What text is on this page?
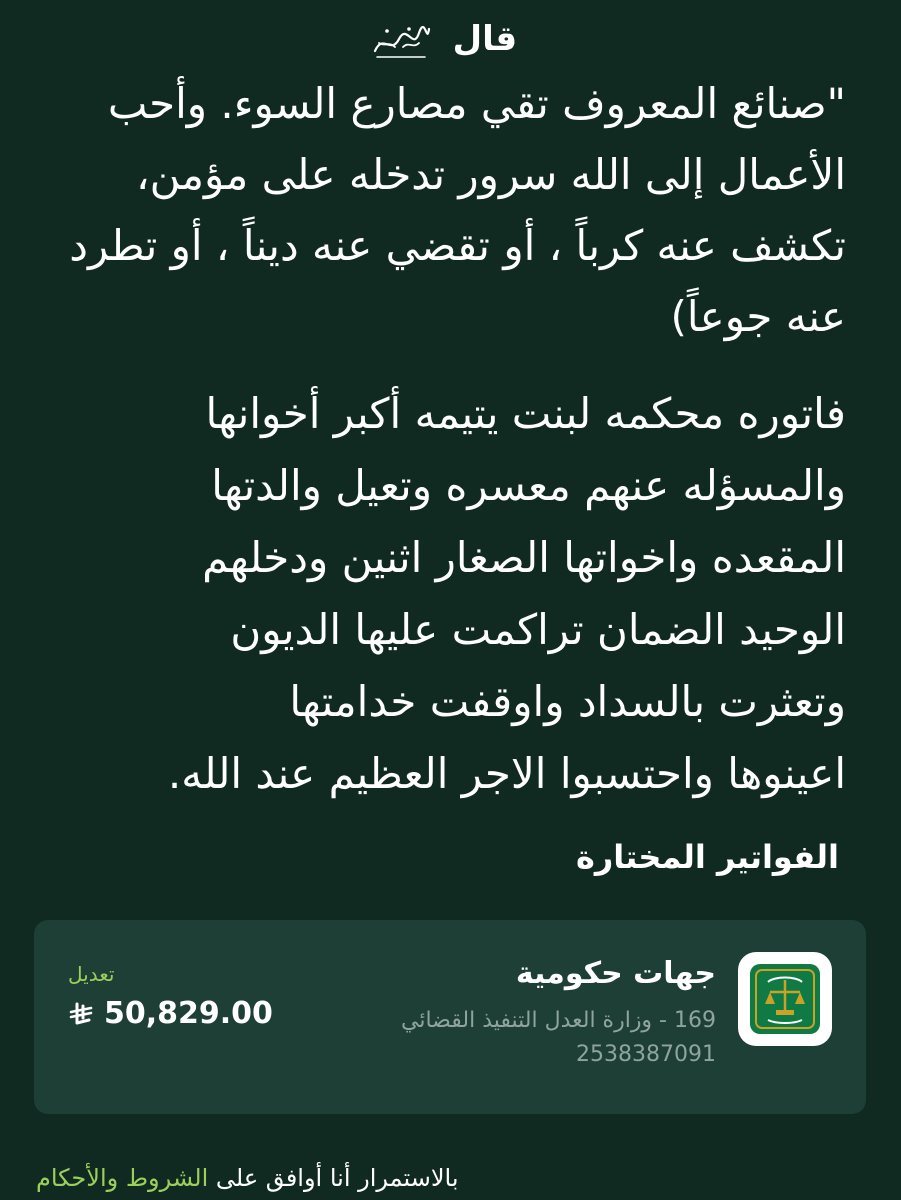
قال
"صنائع المعروف تقي مصارع السوء. وأحب
الأعمال إلى الله سرور تدخله على مؤمن،
تكشف عنه كرباً ، أو تقضي عنه ديناً ، أو تطرد
عنه جوعاً)
فاتوره محكمه لبنت يتيمه أكبر أخوانها
والمسؤله عنهم معسره وتعيل والدتها
المقعده واخواتها الصغار اثنين ودخلهم
الوحيد الضمان تراكمت عليها الديون
وتعثرت بالسداد واوقفت خدامتها
اعينوها واحتسبوا الاجر العظيم عند الله.
الفواتير المختارة
جهات حكومية
169 - وزارة العدل التنفيذ القضائي
2538387091
تعديل
50,829.00
بالاستمرار أنا أوافق على الشروط والأحكام
